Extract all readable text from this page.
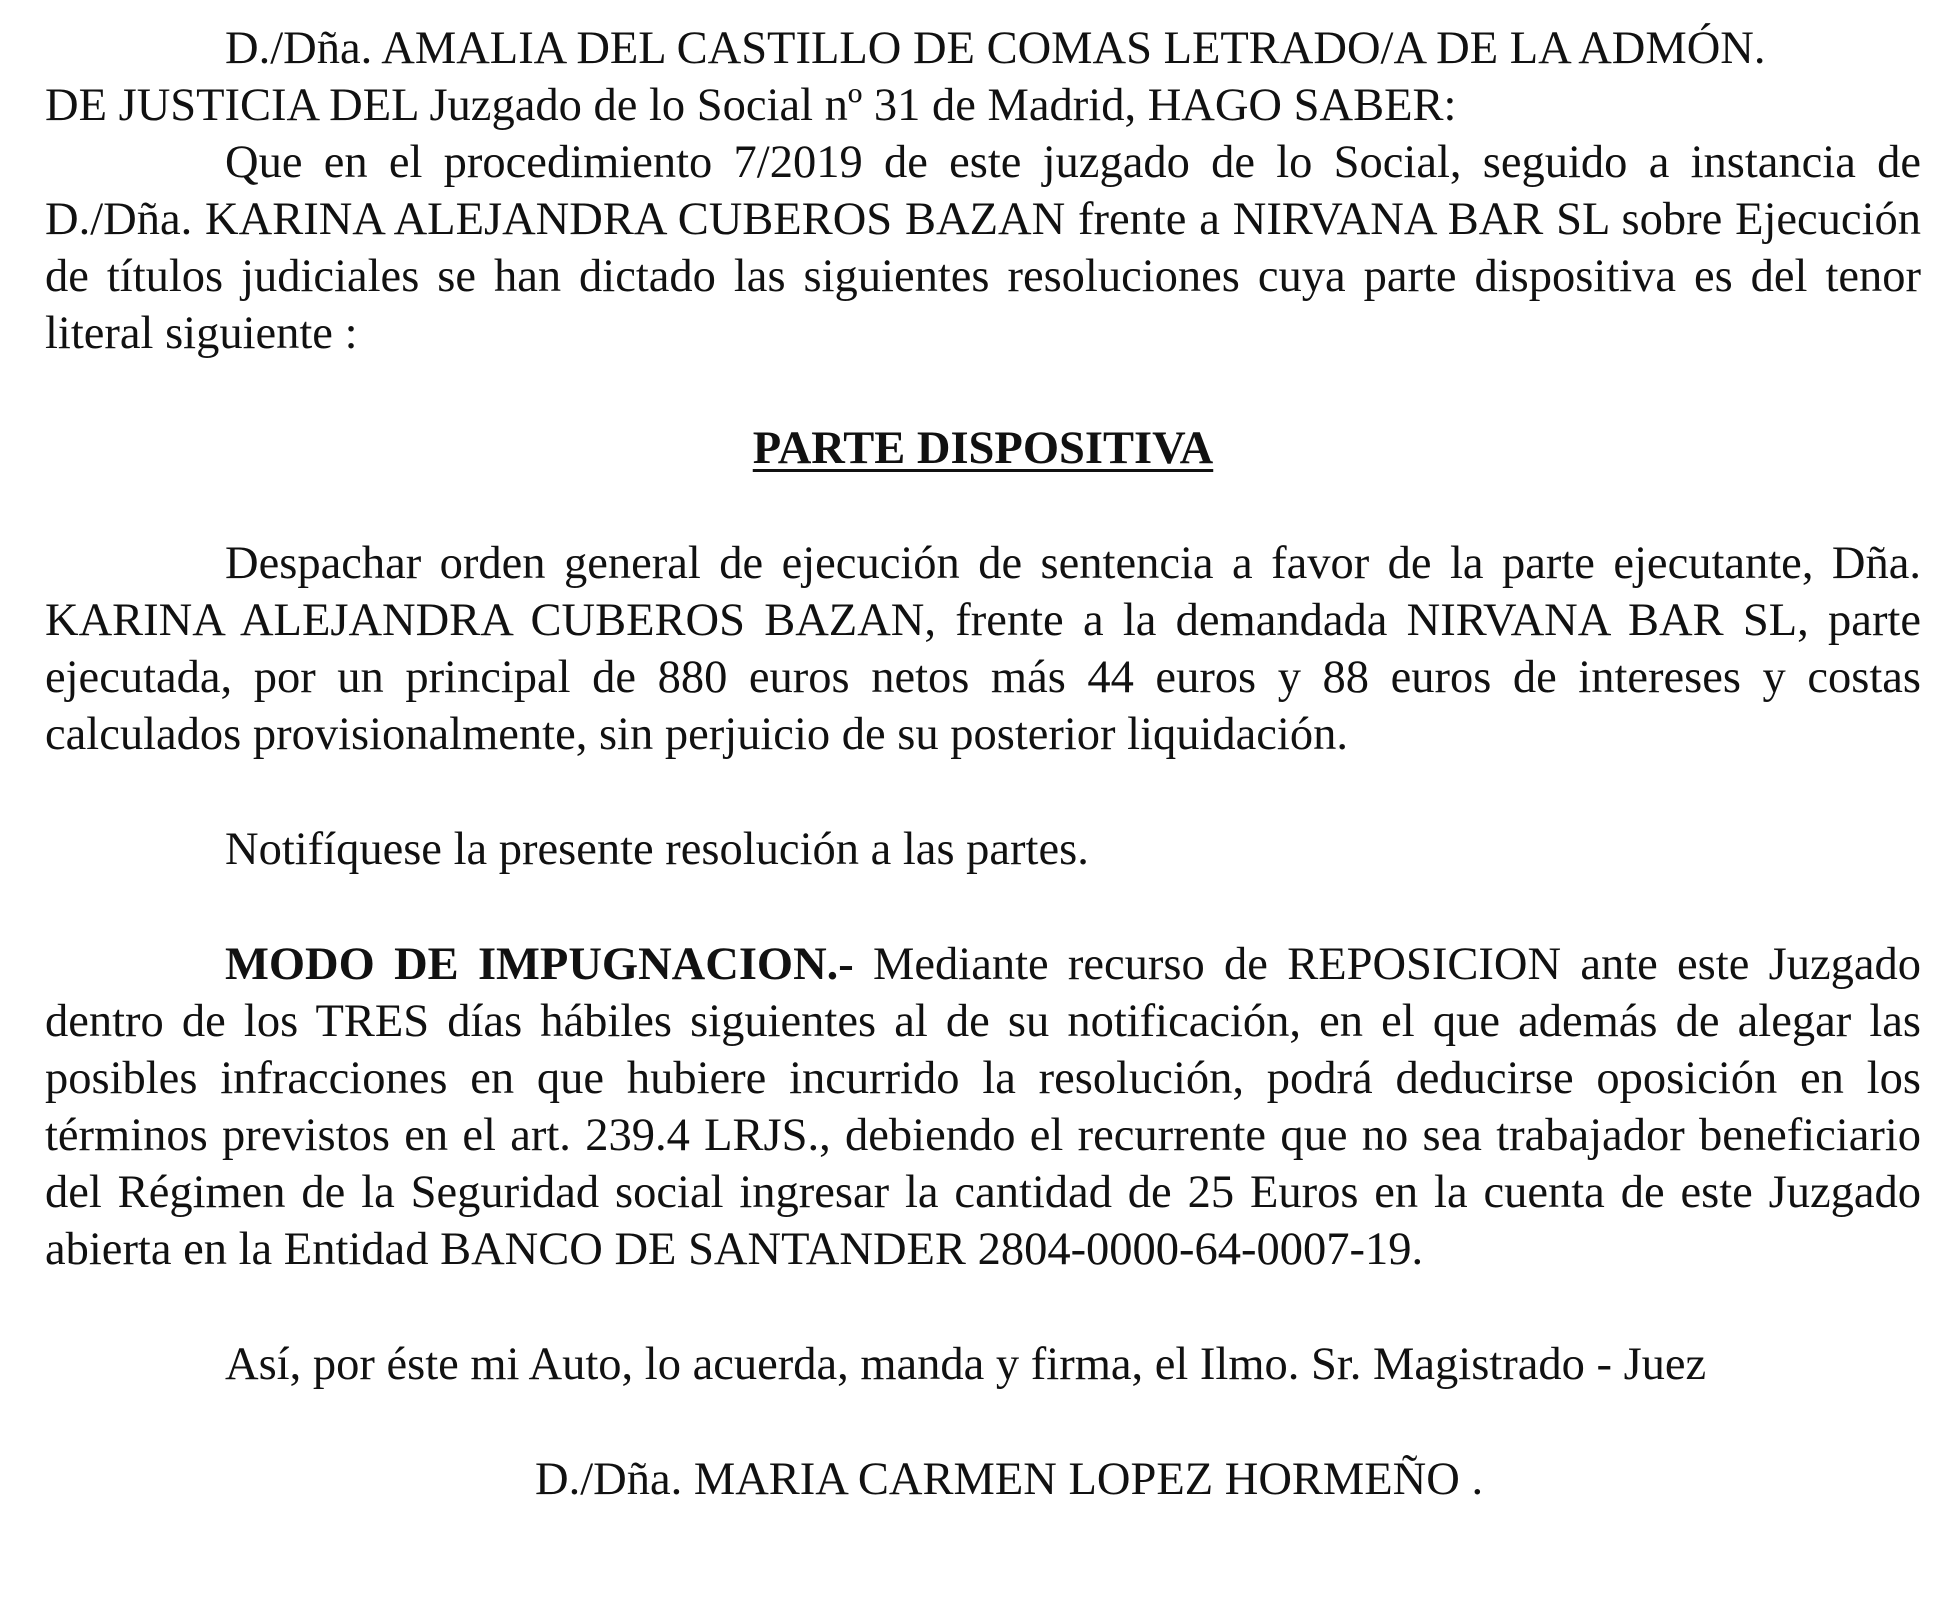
D./Dña. AMALIA DEL CASTILLO DE COMAS LETRADO/A DE LA ADMÓN.

DE JUSTICIA DEL Juzgado de lo Social nº 31 de Madrid, HAGO SABER:

Que en el procedimiento 7/2019 de este juzgado de lo Social, seguido a instancia de D./Dña. KARINA ALEJANDRA CUBEROS BAZAN frente a NIRVANA BAR SL sobre Ejecución de títulos judiciales se han dictado las siguientes resoluciones cuya parte dispositiva es del tenor literal siguiente :

PARTE DISPOSITIVA

Despachar orden general de ejecución de sentencia a favor de la parte ejecutante, Dña. KARINA ALEJANDRA CUBEROS BAZAN, frente a la demandada NIRVANA BAR SL, parte ejecutada, por un principal de 880 euros netos más 44 euros y 88 euros de intereses y costas calculados provisionalmente, sin perjuicio de su posterior liquidación.

Notifíquese la presente resolución a las partes.

MODO DE IMPUGNACION.- Mediante recurso de REPOSICION ante este Juzgado dentro de los TRES días hábiles siguientes al de su notificación, en el que además de alegar las posibles infracciones en que hubiere incurrido la resolución, podrá deducirse oposición en los términos previstos en el art. 239.4 LRJS., debiendo el recurrente que no sea trabajador beneficiario del Régimen de la Seguridad social ingresar la cantidad de 25 Euros en la cuenta de este Juzgado abierta en la Entidad BANCO DE SANTANDER 2804-0000-64-0007-19.

Así, por éste mi Auto, lo acuerda, manda y firma, el Ilmo. Sr. Magistrado - Juez

D./Dña. MARIA CARMEN LOPEZ HORMEÑO .
